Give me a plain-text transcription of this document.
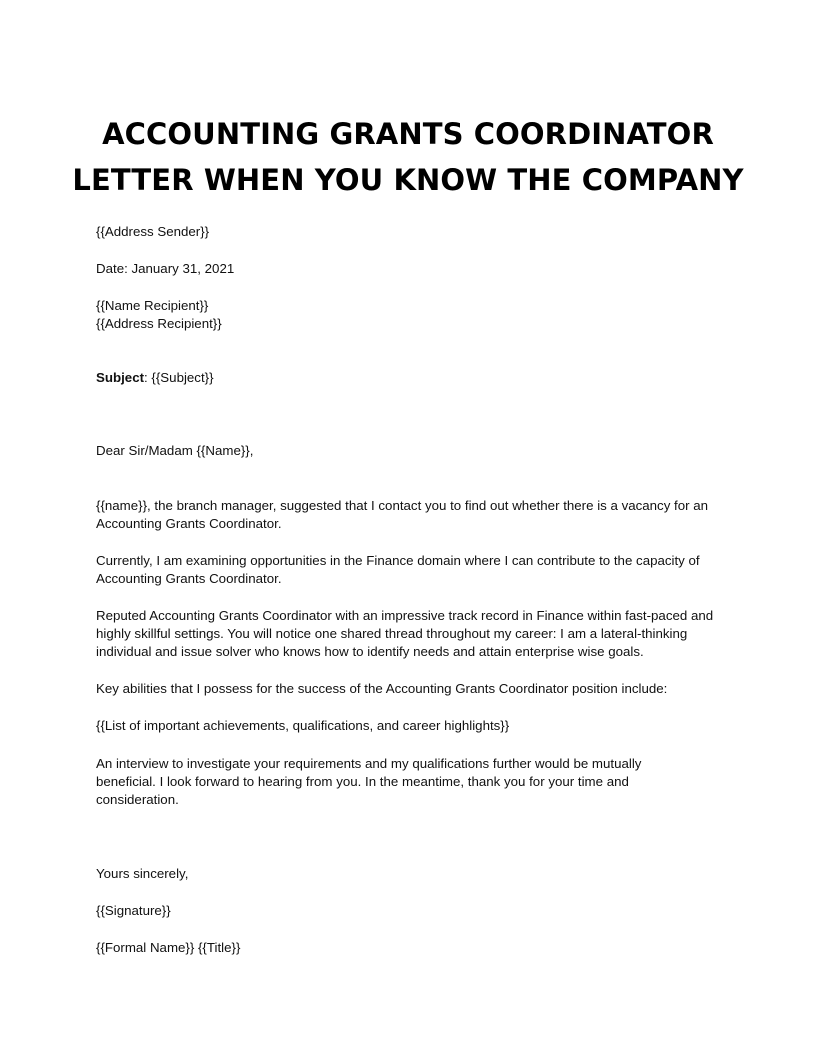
ACCOUNTING GRANTS COORDINATOR
LETTER WHEN YOU KNOW THE COMPANY
{{Address Sender}}
Date: January 31, 2021
{{Name Recipient}}
{{Address Recipient}}
Subject: {{Subject}}
Dear Sir/Madam {{Name}},
{{name}}, the branch manager, suggested that I contact you to find out whether there is a vacancy for an
Accounting Grants Coordinator.
Currently, I am examining opportunities in the Finance domain where I can contribute to the capacity of
Accounting Grants Coordinator.
Reputed Accounting Grants Coordinator with an impressive track record in Finance within fast-paced and
highly skillful settings. You will notice one shared thread throughout my career: I am a lateral-thinking
individual and issue solver who knows how to identify needs and attain enterprise wise goals.
Key abilities that I possess for the success of the Accounting Grants Coordinator position include:
{{List of important achievements, qualifications, and career highlights}}
An interview to investigate your requirements and my qualifications further would be mutually
beneficial. I look forward to hearing from you. In the meantime, thank you for your time and
consideration.
Yours sincerely,
{{Signature}}
{{Formal Name}} {{Title}}
